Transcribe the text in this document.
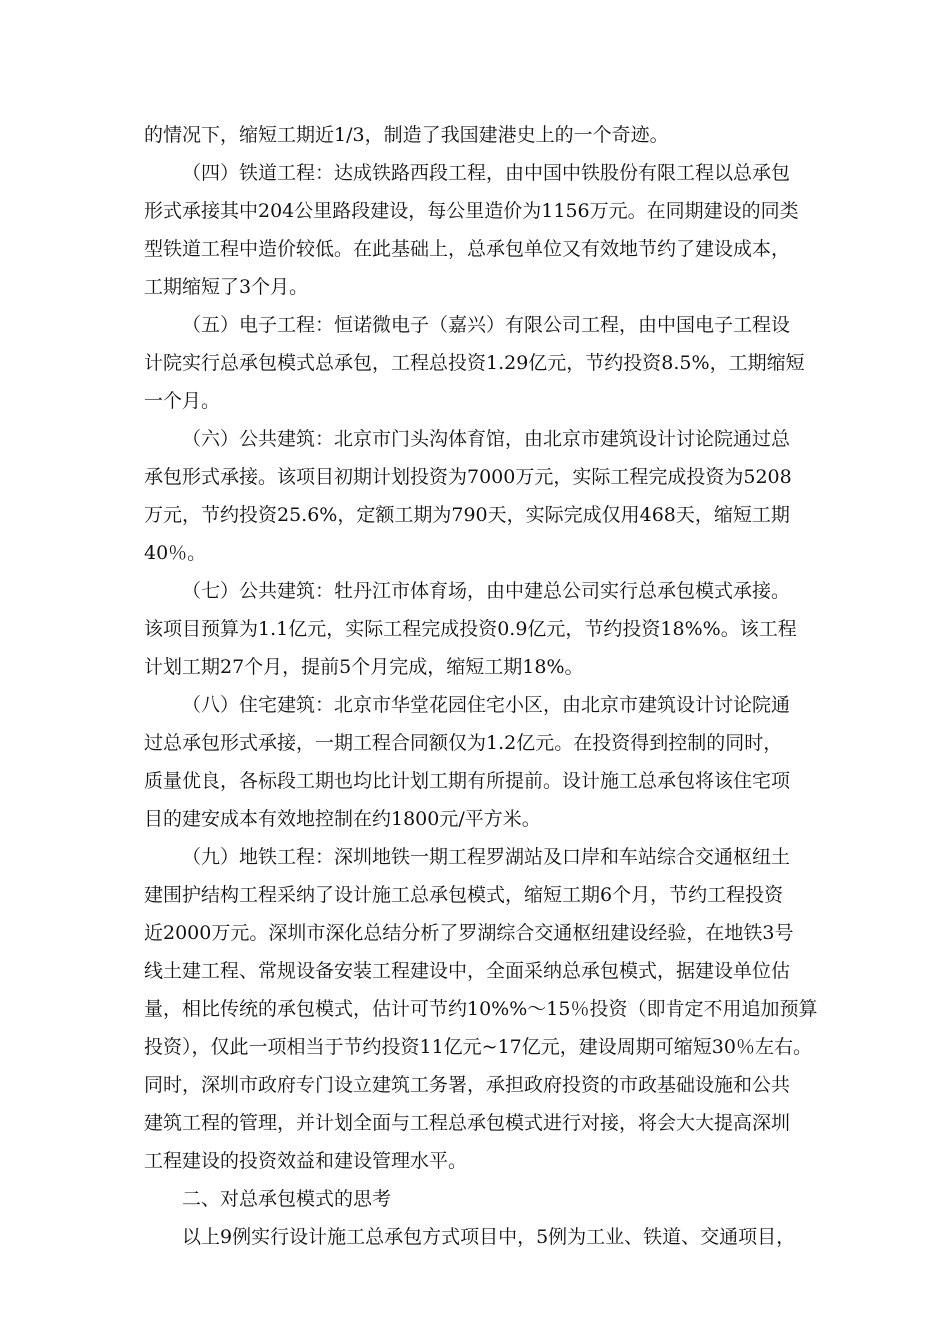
的情况下，缩短工期近1/3，制造了我国建港史上的一个奇迹。
（四）铁道工程：达成铁路西段工程，由中国中铁股份有限工程以总承包
形式承接其中204公里路段建设，每公里造价为1156万元。在同期建设的同类
型铁道工程中造价较低。在此基础上，总承包单位又有效地节约了建设成本，
工期缩短了3个月。
（五）电子工程：恒诺微电子（嘉兴）有限公司工程，由中国电子工程设
计院实行总承包模式总承包，工程总投资1.29亿元，节约投资8.5%，工期缩短
一个月。
（六）公共建筑：北京市门头沟体育馆，由北京市建筑设计讨论院通过总
承包形式承接。该项目初期计划投资为7000万元，实际工程完成投资为5208
万元，节约投资25.6%，定额工期为790天，实际完成仅用468天，缩短工期
40％。
（七）公共建筑：牡丹江市体育场，由中建总公司实行总承包模式承接。
该项目预算为1.1亿元，实际工程完成投资0.9亿元，节约投资18%%。该工程
计划工期27个月，提前5个月完成，缩短工期18%。
（八）住宅建筑：北京市华堂花园住宅小区，由北京市建筑设计讨论院通
过总承包形式承接，一期工程合同额仅为1.2亿元。在投资得到控制的同时，
质量优良，各标段工期也均比计划工期有所提前。设计施工总承包将该住宅项
目的建安成本有效地控制在约1800元/平方米。
（九）地铁工程：深圳地铁一期工程罗湖站及口岸和车站综合交通枢纽土
建围护结构工程采纳了设计施工总承包模式，缩短工期6个月，节约工程投资
近2000万元。深圳市深化总结分析了罗湖综合交通枢纽建设经验，在地铁3号
线土建工程、常规设备安装工程建设中，全面采纳总承包模式，据建设单位估
量，相比传统的承包模式，估计可节约10%%～15％投资（即肯定不用追加预算
投资），仅此一项相当于节约投资11亿元~17亿元，建设周期可缩短30％左右。
同时，深圳市政府专门设立建筑工务署，承担政府投资的市政基础设施和公共
建筑工程的管理，并计划全面与工程总承包模式进行对接，将会大大提高深圳
工程建设的投资效益和建设管理水平。
二、对总承包模式的思考
以上9例实行设计施工总承包方式项目中，5例为工业、铁道、交通项目，
